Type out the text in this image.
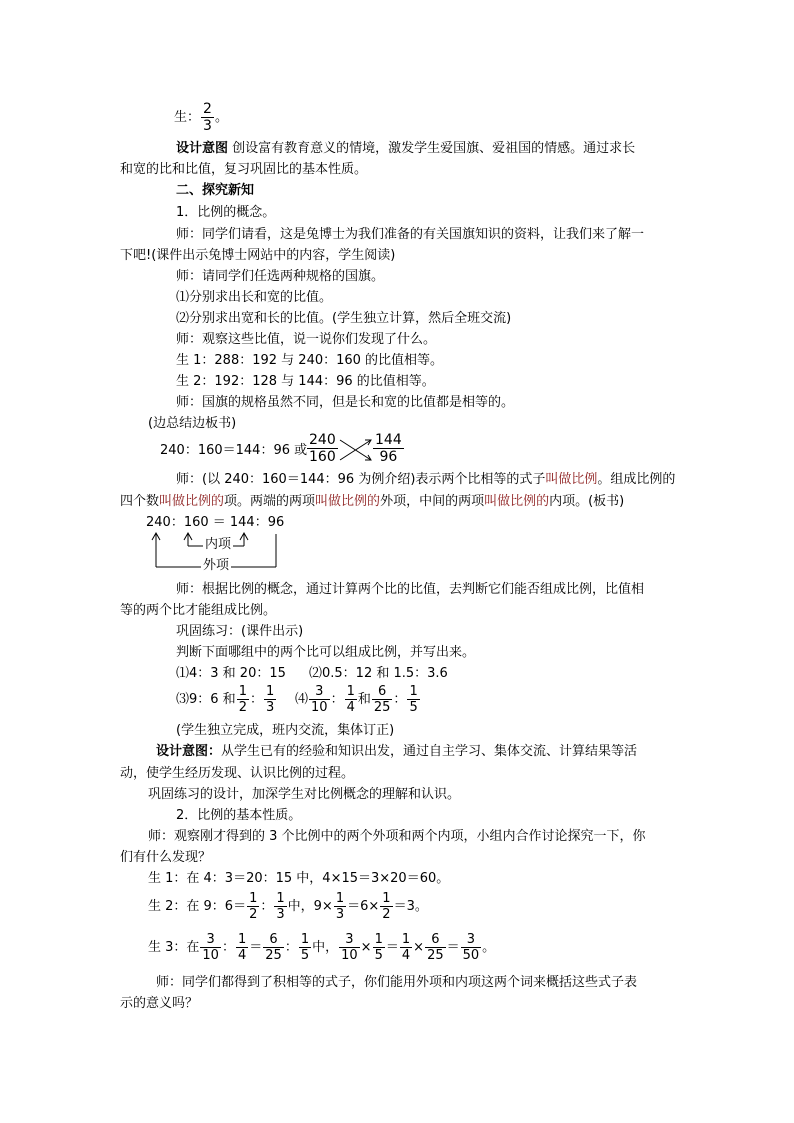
生： $\frac{2}{3}$ 。
设计意图 创设富有教育意义的情境，激发学生爱国旗、爱祖国的情感。通过求长
和宽的比和比值，复习巩固比的基本性质。
二、探究新知
1．比例的概念。
师：同学们请看，这是兔博士为我们准备的有关国旗知识的资料，让我们来了解一
下吧!(课件出示兔博士网站中的内容，学生阅读)
师：请同学们任选两种规格的国旗。
⑴分别求出长和宽的比值。
⑵分别求出宽和长的比值。(学生独立计算，然后全班交流)
师：观察这些比值，说一说你们发现了什么。
生 1：288：192 与 240：160 的比值相等。
生 2：192：128 与 144：96 的比值相等。
师：国旗的规格虽然不同，但是长和宽的比值都是相等的。
(边总结边板书)
240：160＝144：96 或 $\frac{240}{160}$	$\frac{144}{96}$
师：(以 240：160＝144：96 为例介绍)表示两个比相等的式子叫做比例。组成比例的
四个数叫做比例的项。两端的两项叫做比例的外项，中间的两项叫做比例的内项。(板书)
240：160 ＝ 144：96
内项
外项
师：根据比例的概念，通过计算两个比的比值，去判断它们能否组成比例，比值相
等的两个比才能组成比例。
巩固练习：(课件出示)
判断下面哪组中的两个比可以组成比例，并写出来。
⑴4：3 和 20：15 ⑵0.5：12 和 1.5：3.6
⑶9：6 和 $\frac{1}{2}$ ： $\frac{1}{3}$ ⑷ $\frac{3}{10}$ ： $\frac{1}{4}$ 和 $\frac{6}{25}$ ： $\frac{1}{5}$
(学生独立完成，班内交流，集体订正)
设计意图：从学生已有的经验和知识出发，通过自主学习、集体交流、计算结果等活
动，使学生经历发现、认识比例的过程。
巩固练习的设计，加深学生对比例概念的理解和认识。
2．比例的基本性质。
师：观察刚才得到的 3 个比例中的两个外项和两个内项，小组内合作讨论探究一下，你
们有什么发现？
生 1：在 4：3＝20：15 中，4×15＝3×20＝60。
生 2：在 9：$6= \frac{1}{2}$ ： $\frac{1}{3}$ 中，$9\times \frac{1}{3} =6\times \frac{1}{2} =3$。
生 3：在 $\frac{3}{10}$ ： $\frac{1}{4} = \frac{6}{25}$ ： $\frac{1}{5}$ 中， $\frac{3}{10} \times \frac{1}{5} = \frac{1}{4} \times \frac{6}{25} = \frac{3}{50}$ 。
师：同学们都得到了积相等的式子，你们能用外项和内项这两个词来概括这些式子表
示的意义吗？
